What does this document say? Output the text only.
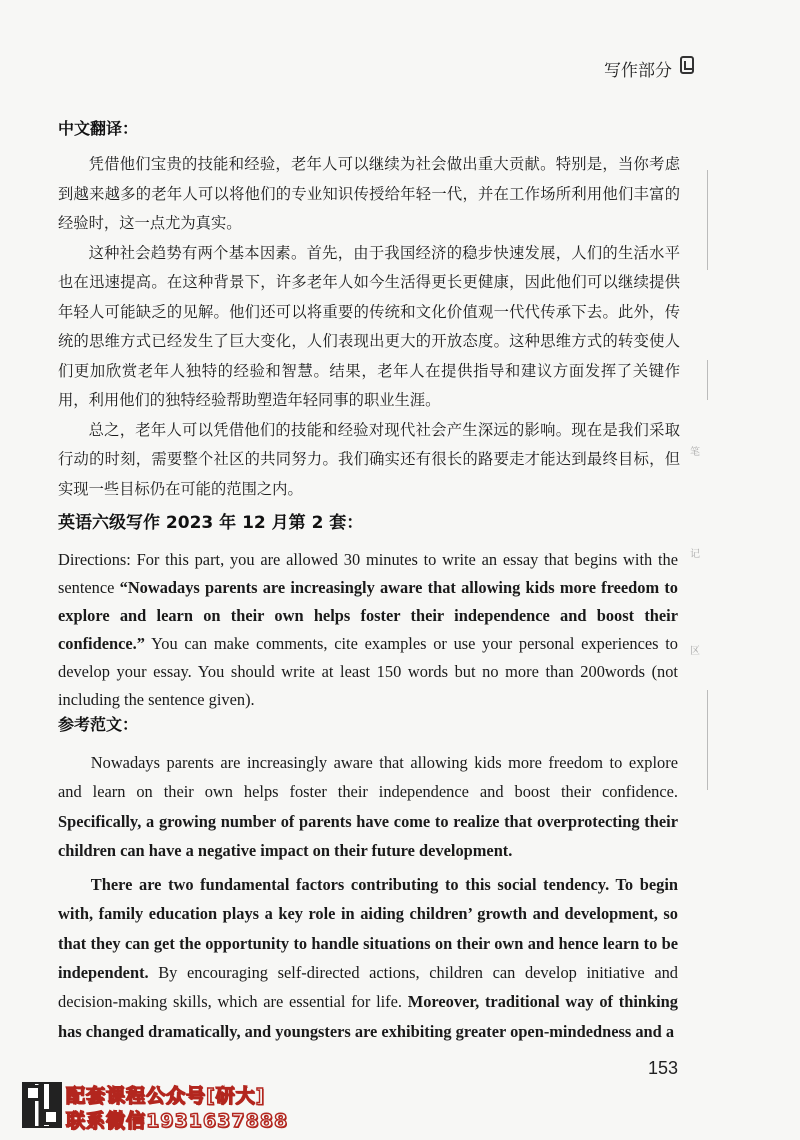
写作部分
中文翻译：

凭借他们宝贵的技能和经验，老年人可以继续为社会做出重大贡献。特别是，当你考虑到越来越多的老年人可以将他们的专业知识传授给年轻一代，并在工作场所利用他们丰富的经验时，这一点尤为真实。

这种社会趋势有两个基本因素。首先，由于我国经济的稳步快速发展，人们的生活水平也在迅速提高。在这种背景下，许多老年人如今生活得更长更健康，因此他们可以继续提供年轻人可能缺乏的见解。他们还可以将重要的传统和文化价值观一代代传承下去。此外，传统的思维方式已经发生了巨大变化，人们表现出更大的开放态度。这种思维方式的转变使人们更加欣赏老年人独特的经验和智慧。结果，老年人在提供指导和建议方面发挥了关键作用，利用他们的独特经验帮助塑造年轻同事的职业生涯。

总之，老年人可以凭借他们的技能和经验对现代社会产生深远的影响。现在是我们采取行动的时刻，需要整个社区的共同努力。我们确实还有很长的路要走才能达到最终目标，但实现一些目标仍在可能的范围之内。

英语六级写作 2023 年 12 月第 2 套：

Directions: For this part, you are allowed 30 minutes to write an essay that begins with the sentence “Nowadays parents are increasingly aware that allowing kids more freedom to explore and learn on their own helps foster their independence and boost their confidence.” You can make comments, cite examples or use your personal experiences to develop your essay. You should write at least 150 words but no more than 200words (not including the sentence given).

参考范文：

Nowadays parents are increasingly aware that allowing kids more freedom to explore and learn on their own helps foster their independence and boost their confidence. Specifically, a growing number of parents have come to realize that overprotecting their children can have a negative impact on their future development.

There are two fundamental factors contributing to this social tendency. To begin with, family education plays a key role in aiding children’ growth and development, so that they can get the opportunity to handle situations on their own and hence learn to be independent. By encouraging self-directed actions, children can develop initiative and decision-making skills, which are essential for life. Moreover, traditional way of thinking has changed dramatically, and youngsters are exhibiting greater open-mindedness and a

笔
记
区
153
配套课程公众号[研大]
联系微信1931637888
